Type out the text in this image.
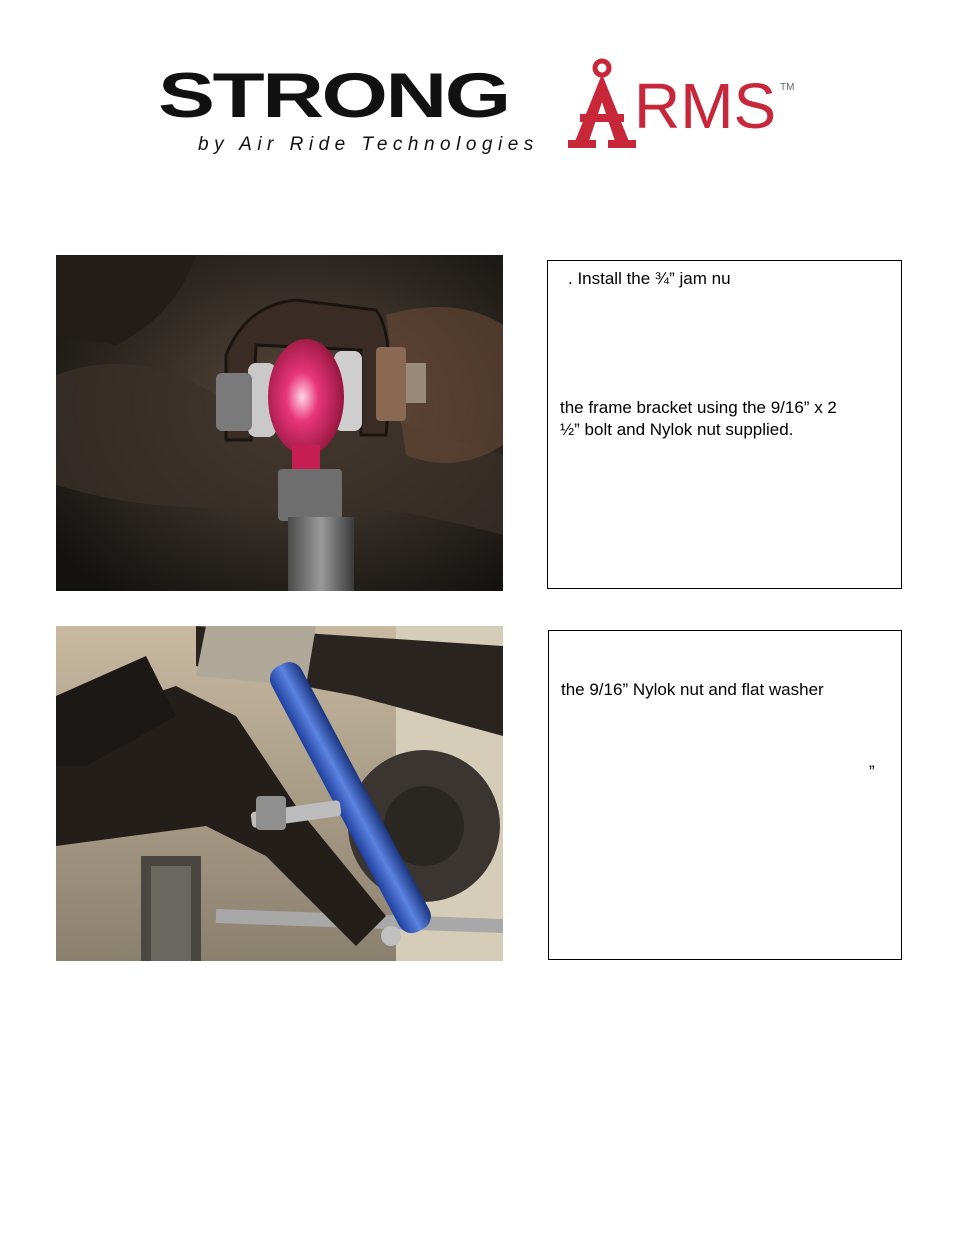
STRONG RMS TM
by Air Ride Technologies
. Install the ¾” jam nu
the frame bracket using the 9/16” x 2
½” bolt and Nylok nut supplied.
the 9/16” Nylok nut and flat washer
”
